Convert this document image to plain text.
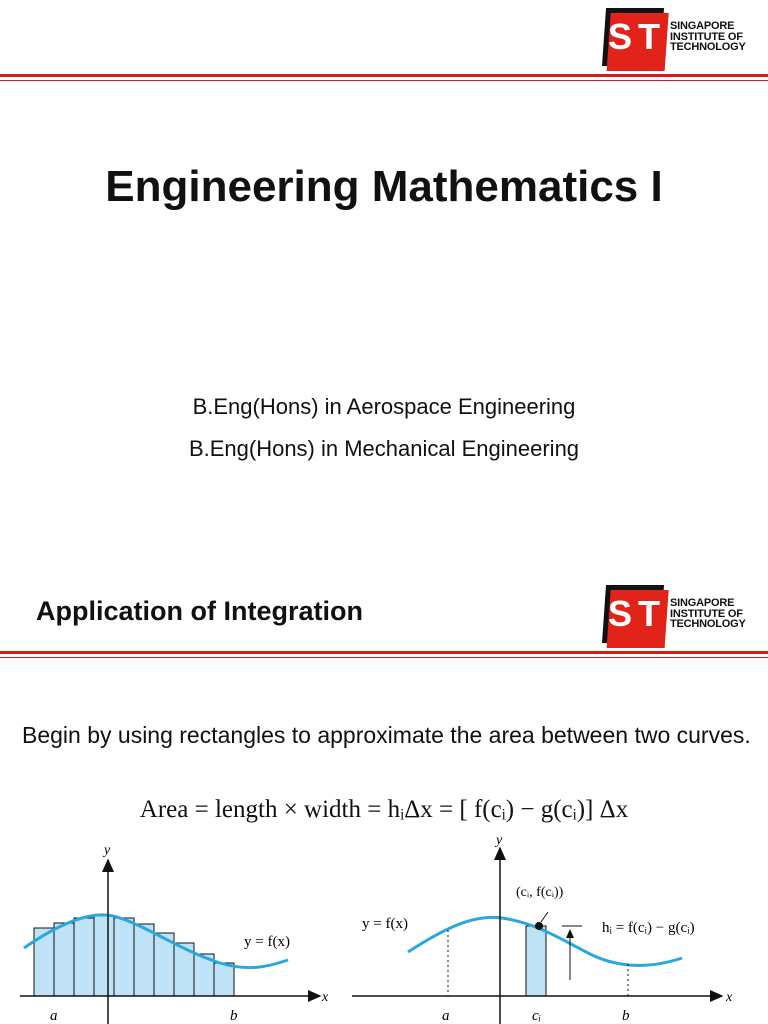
S i T SINGAPORE
INSTITUTE OF
TECHNOLOGY
Engineering Mathematics I
B.Eng(Hons) in Aerospace Engineering
B.Eng(Hons) in Mechanical Engineering
Application of Integration	S i T SINGAPORE
INSTITUTE OF
TECHNOLOGY
Begin by using rectangles to approximate the area between two curves.
Area = length × width = hᵢΔx = [ f(cᵢ) − g(cᵢ)] Δx
y
x
y = f(x)
a	b
y
x
y = f(x)
(cᵢ, f(cᵢ))
hᵢ = f(cᵢ) − g(cᵢ)
a	cᵢ	b
